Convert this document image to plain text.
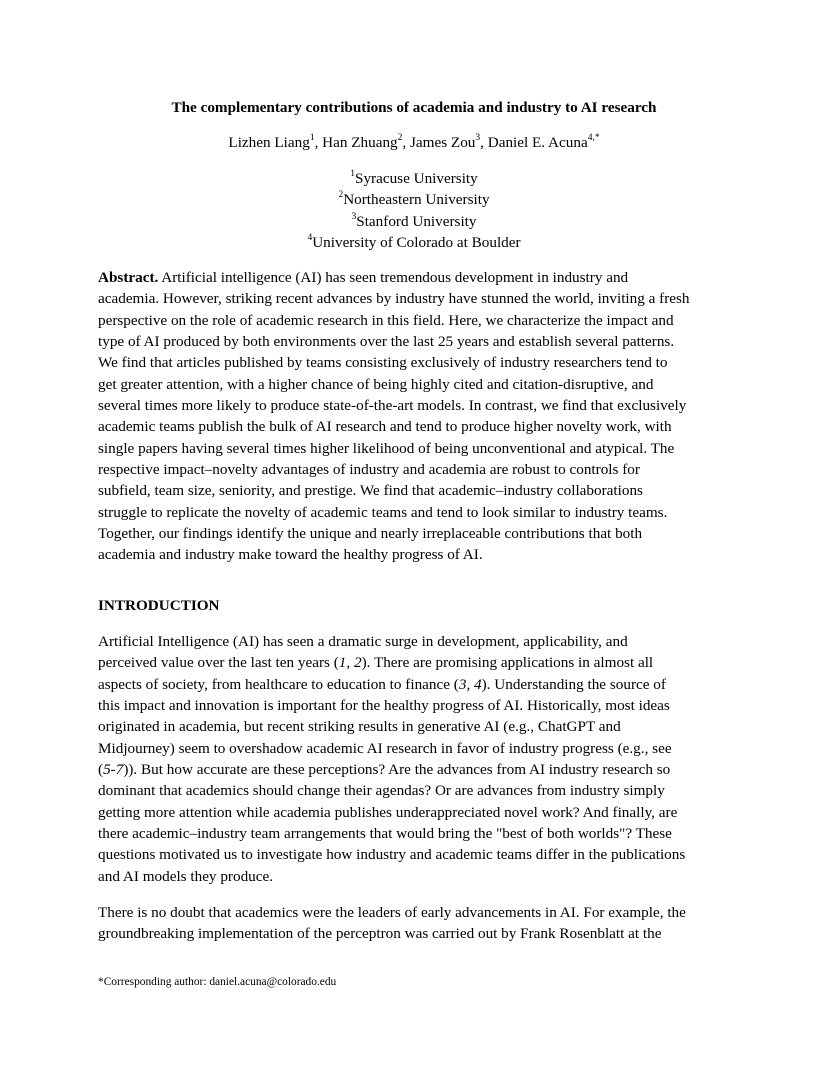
The complementary contributions of academia and industry to AI research
Lizhen Liang$^1$, Han Zhuang$^2$, James Zou$^3$, Daniel E. Acuna$^{4,*}$
$^1$Syracuse University
$^2$Northeastern University
$^3$Stanford University
$^4$University of Colorado at Boulder
Abstract. Artificial intelligence (AI) has seen tremendous development in industry and
academia. However, striking recent advances by industry have stunned the world, inviting a fresh
perspective on the role of academic research in this field. Here, we characterize the impact and
type of AI produced by both environments over the last 25 years and establish several patterns.
We find that articles published by teams consisting exclusively of industry researchers tend to
get greater attention, with a higher chance of being highly cited and citation-disruptive, and
several times more likely to produce state-of-the-art models. In contrast, we find that exclusively
academic teams publish the bulk of AI research and tend to produce higher novelty work, with
single papers having several times higher likelihood of being unconventional and atypical. The
respective impact–novelty advantages of industry and academia are robust to controls for
subfield, team size, seniority, and prestige. We find that academic–industry collaborations
struggle to replicate the novelty of academic teams and tend to look similar to industry teams.
Together, our findings identify the unique and nearly irreplaceable contributions that both
academia and industry make toward the healthy progress of AI.
INTRODUCTION
Artificial Intelligence (AI) has seen a dramatic surge in development, applicability, and
perceived value over the last ten years (1, 2). There are promising applications in almost all
aspects of society, from healthcare to education to finance (3, 4). Understanding the source of
this impact and innovation is important for the healthy progress of AI. Historically, most ideas
originated in academia, but recent striking results in generative AI (e.g., ChatGPT and
Midjourney) seem to overshadow academic AI research in favor of industry progress (e.g., see
(5-7)). But how accurate are these perceptions? Are the advances from AI industry research so
dominant that academics should change their agendas? Or are advances from industry simply
getting more attention while academia publishes underappreciated novel work? And finally, are
there academic–industry team arrangements that would bring the "best of both worlds"? These
questions motivated us to investigate how industry and academic teams differ in the publications
and AI models they produce.
There is no doubt that academics were the leaders of early advancements in AI. For example, the
groundbreaking implementation of the perceptron was carried out by Frank Rosenblatt at the
*Corresponding author: daniel.acuna@colorado.edu
